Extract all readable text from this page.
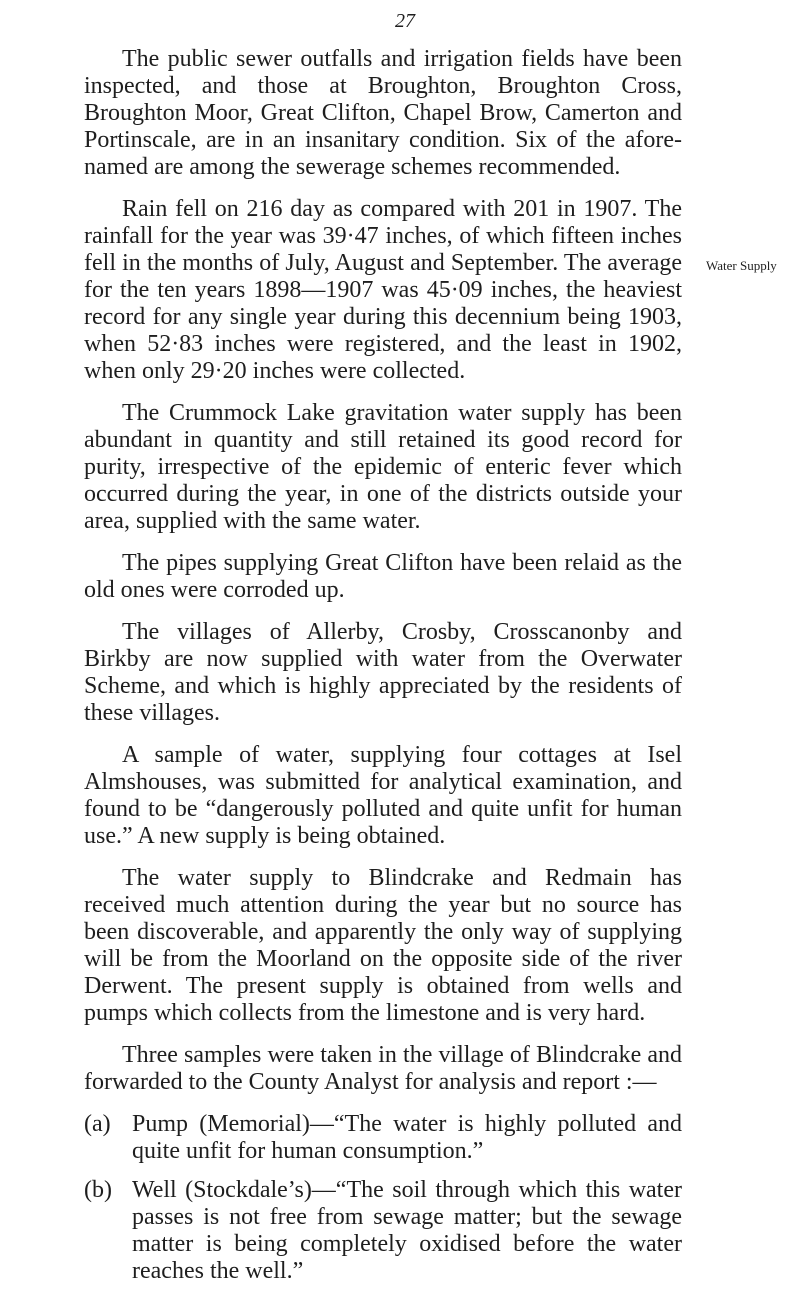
27
Water Supply

The public sewer outfalls and irrigation fields have been inspected, and those at Broughton, Broughton Cross, Broughton Moor, Great Clifton, Chapel Brow, Camerton and Portinscale, are in an insanitary condition. Six of the afore-named are among the sewerage schemes recommended.

Rain fell on 216 day as compared with 201 in 1907. The rainfall for the year was 39·47 inches, of which fifteen inches fell in the months of July, August and September. The average for the ten years 1898—1907 was 45·09 inches, the heaviest record for any single year during this decennium being 1903, when 52·83 inches were registered, and the least in 1902, when only 29·20 inches were collected.

The Crummock Lake gravitation water supply has been abundant in quantity and still retained its good record for purity, irrespective of the epidemic of enteric fever which occurred during the year, in one of the districts outside your area, supplied with the same water.

The pipes supplying Great Clifton have been relaid as the old ones were corroded up.

The villages of Allerby, Crosby, Crosscanonby and Birkby are now supplied with water from the Overwater Scheme, and which is highly appreciated by the residents of these villages.

A sample of water, supplying four cottages at Isel Almshouses, was submitted for analytical examination, and found to be “dangerously polluted and quite unfit for human use.” A new supply is being obtained.

The water supply to Blindcrake and Redmain has received much attention during the year but no source has been discoverable, and apparently the only way of supplying will be from the Moorland on the opposite side of the river Derwent. The present supply is obtained from wells and pumps which collects from the limestone and is very hard.

Three samples were taken in the village of Blindcrake and forwarded to the County Analyst for analysis and report :—

(a) Pump (Memorial)—“The water is highly polluted and quite unfit for human consumption.”
(b) Well (Stockdale’s)—“The soil through which this water passes is not free from sewage matter; but the sewage matter is being completely oxidised before the water reaches the well.”
